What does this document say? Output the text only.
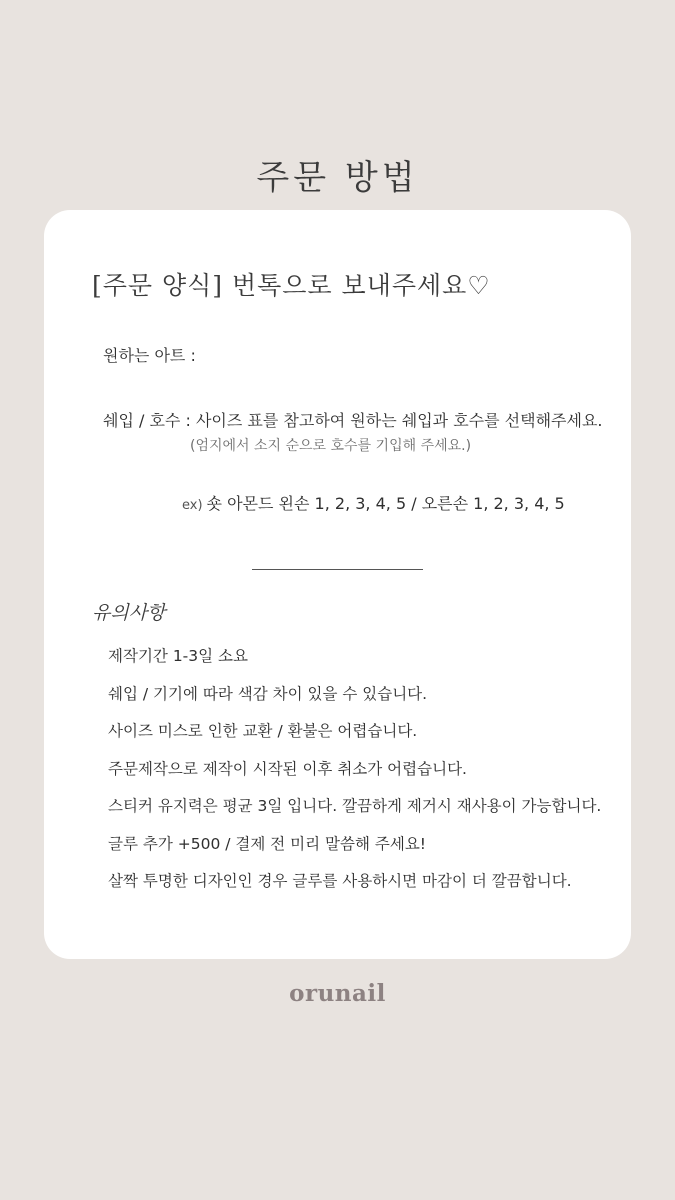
주문 방법
[주문 양식] 번톡으로 보내주세요♡
원하는 아트 :
쉐입 / 호수 : 사이즈 표를 참고하여 원하는 쉐입과 호수를 선택해주세요.
(엄지에서 소지 순으로 호수를 기입해 주세요.)
ex) 숏 아몬드 왼손 1, 2, 3, 4, 5 / 오른손 1, 2, 3, 4, 5
유의사항
제작기간 1-3일 소요
쉐입 / 기기에 따라 색감 차이 있을 수 있습니다.
사이즈 미스로 인한 교환 / 환불은 어렵습니다.
주문제작으로 제작이 시작된 이후 취소가 어렵습니다.
스티커 유지력은 평균 3일 입니다. 깔끔하게 제거시 재사용이 가능합니다.
글루 추가 +500 / 결제 전 미리 말씀해 주세요!
살짝 투명한 디자인인 경우 글루를 사용하시면 마감이 더 깔끔합니다.
orunail
